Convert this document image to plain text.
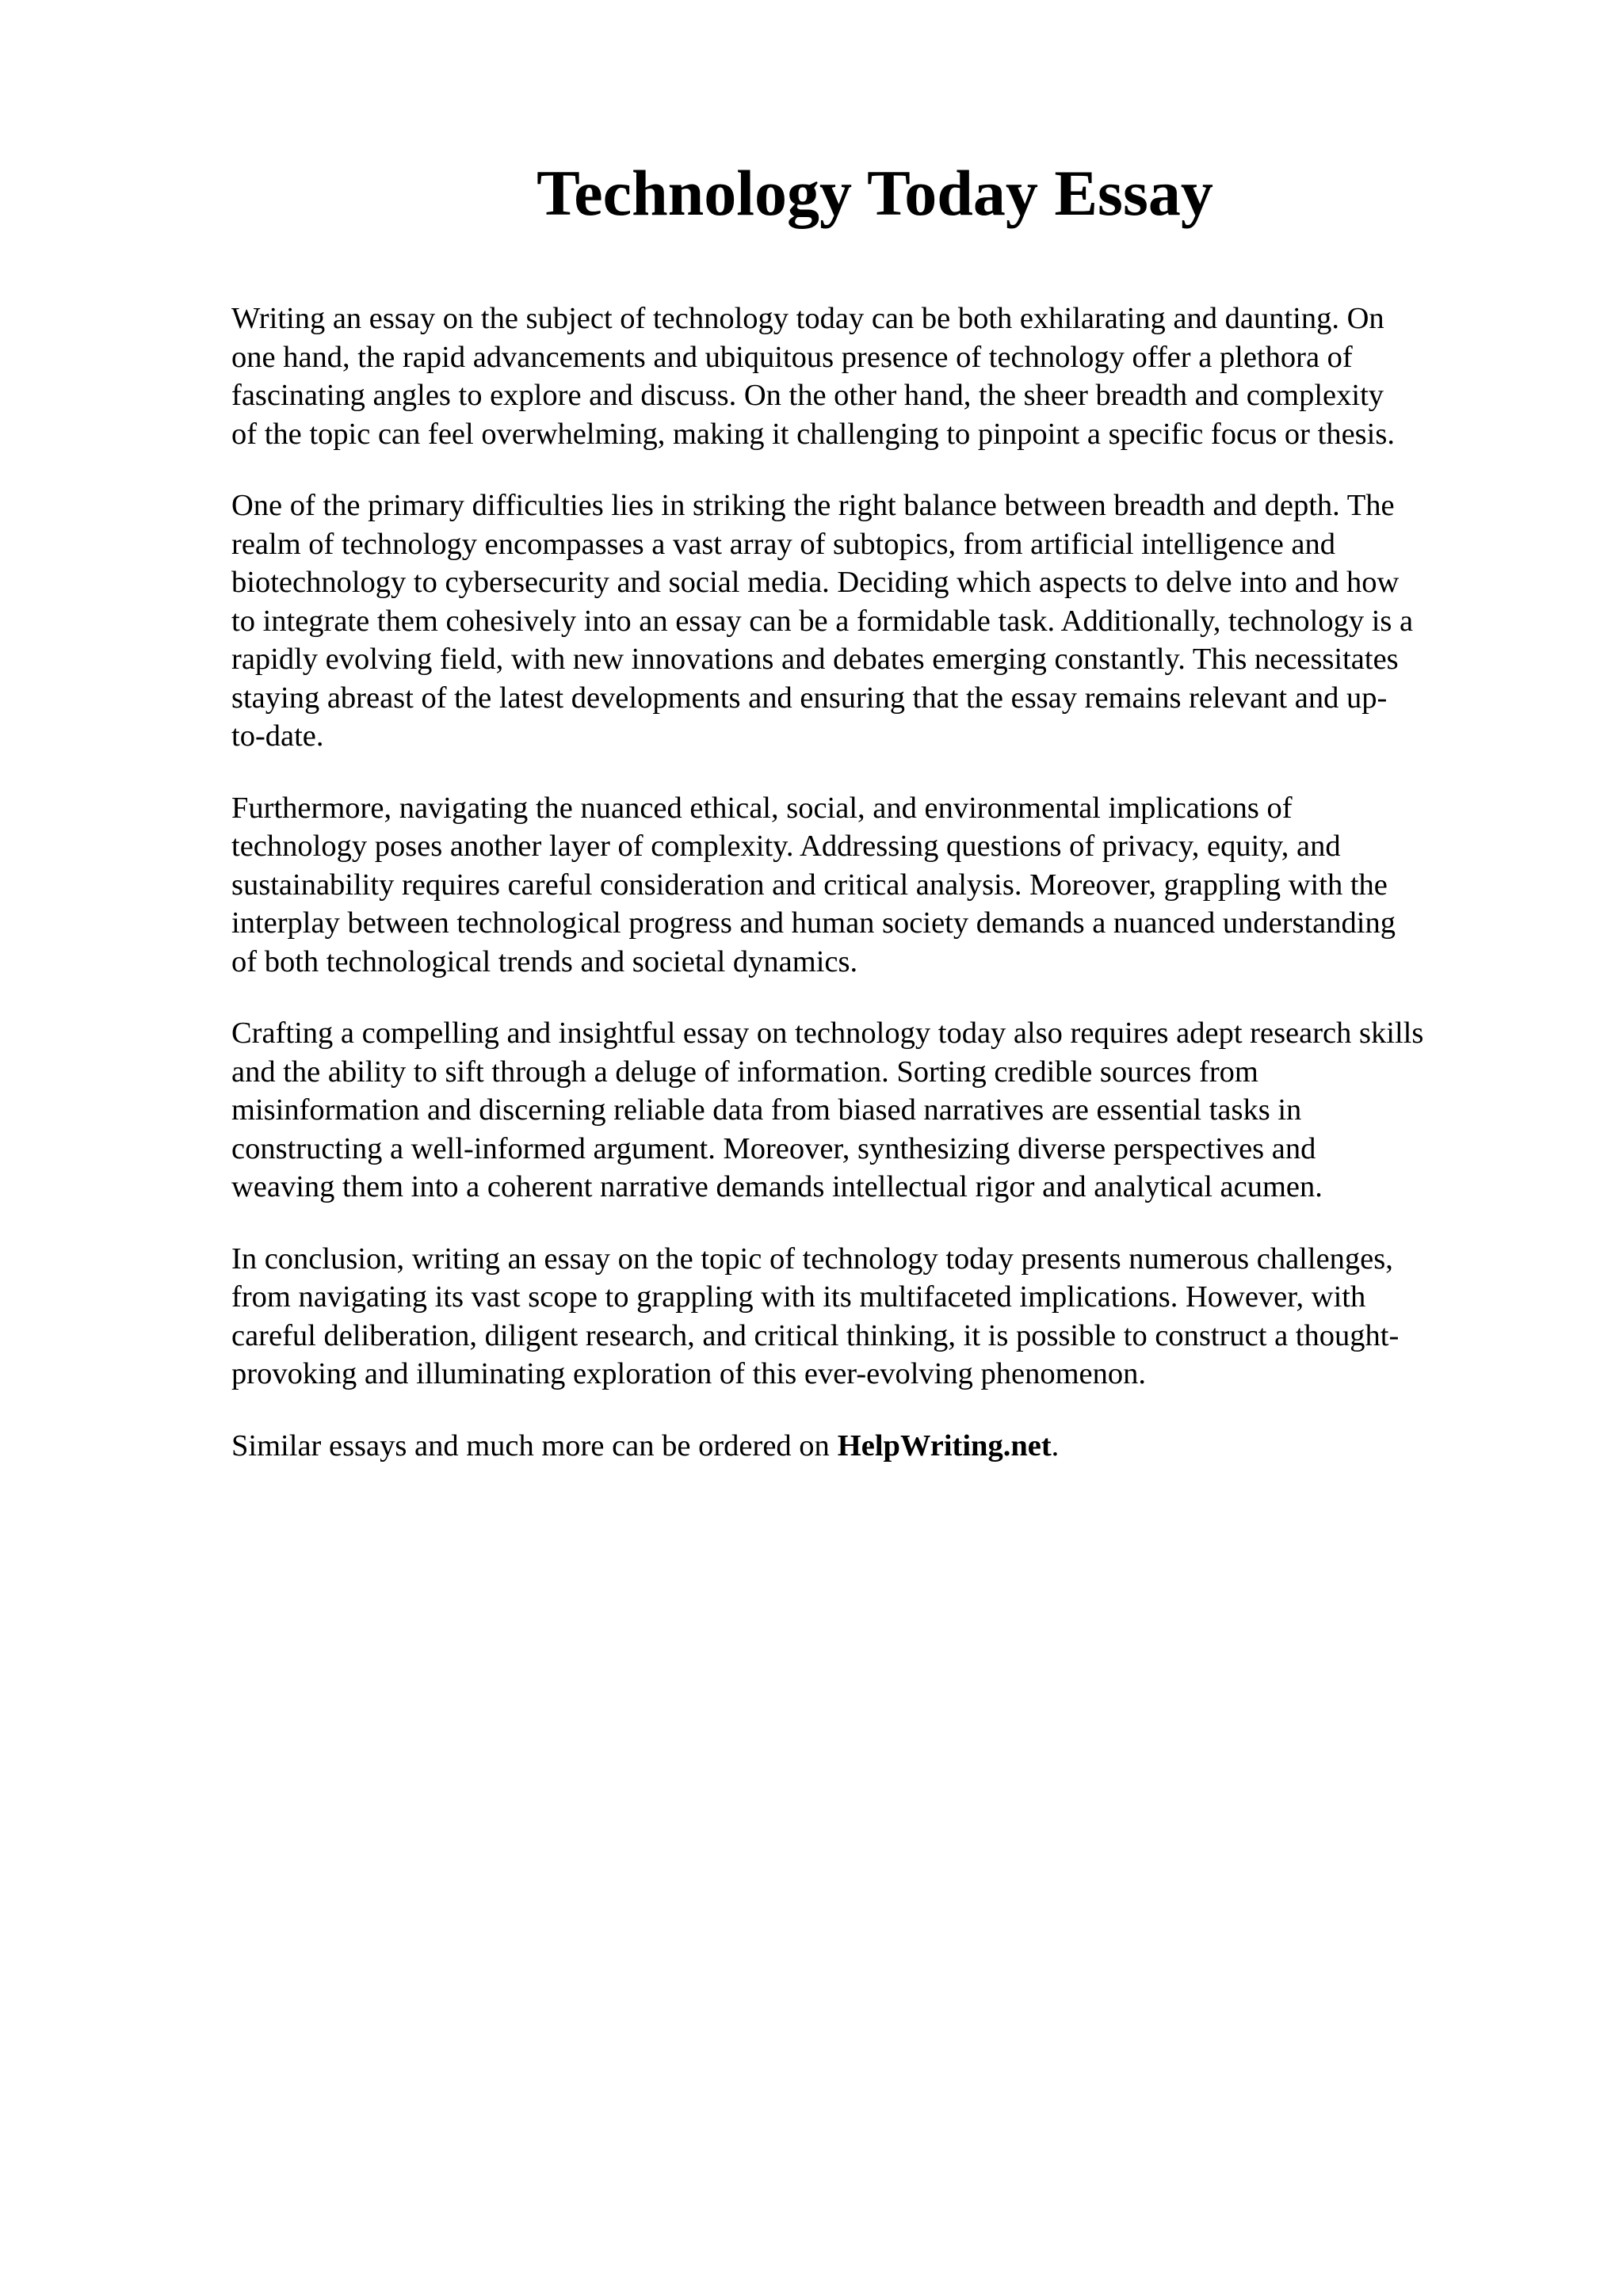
Technology Today Essay

Writing an essay on the subject of technology today can be both exhilarating and daunting. On
one hand, the rapid advancements and ubiquitous presence of technology offer a plethora of
fascinating angles to explore and discuss. On the other hand, the sheer breadth and complexity
of the topic can feel overwhelming, making it challenging to pinpoint a specific focus or thesis.

One of the primary difficulties lies in striking the right balance between breadth and depth. The
realm of technology encompasses a vast array of subtopics, from artificial intelligence and
biotechnology to cybersecurity and social media. Deciding which aspects to delve into and how
to integrate them cohesively into an essay can be a formidable task. Additionally, technology is a
rapidly evolving field, with new innovations and debates emerging constantly. This necessitates
staying abreast of the latest developments and ensuring that the essay remains relevant and up-
to-date.

Furthermore, navigating the nuanced ethical, social, and environmental implications of
technology poses another layer of complexity. Addressing questions of privacy, equity, and
sustainability requires careful consideration and critical analysis. Moreover, grappling with the
interplay between technological progress and human society demands a nuanced understanding
of both technological trends and societal dynamics.

Crafting a compelling and insightful essay on technology today also requires adept research skills
and the ability to sift through a deluge of information. Sorting credible sources from
misinformation and discerning reliable data from biased narratives are essential tasks in
constructing a well-informed argument. Moreover, synthesizing diverse perspectives and
weaving them into a coherent narrative demands intellectual rigor and analytical acumen.

In conclusion, writing an essay on the topic of technology today presents numerous challenges,
from navigating its vast scope to grappling with its multifaceted implications. However, with
careful deliberation, diligent research, and critical thinking, it is possible to construct a thought-
provoking and illuminating exploration of this ever-evolving phenomenon.

Similar essays and much more can be ordered on HelpWriting.net.
